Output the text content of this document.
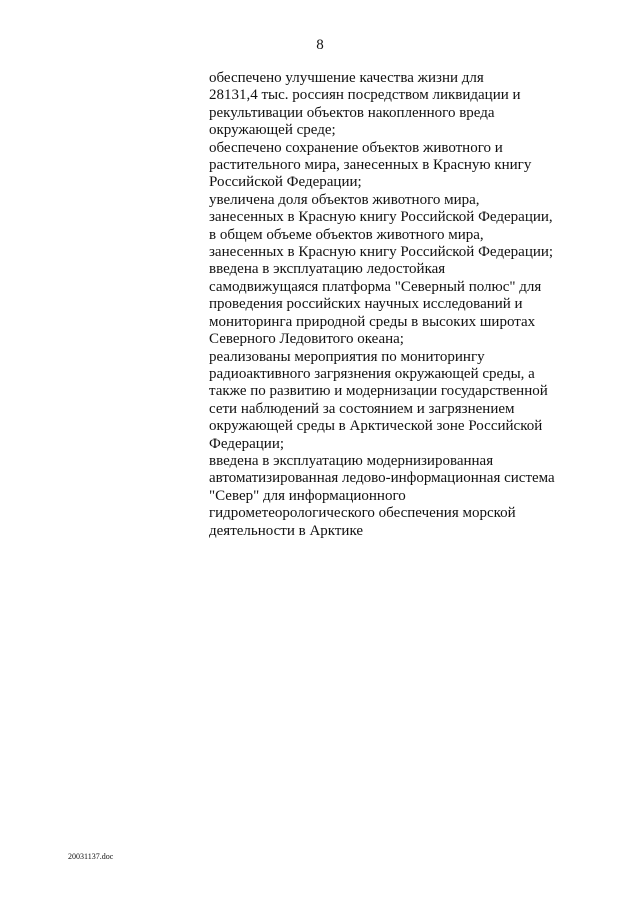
8
обеспечено улучшение качества жизни для
28131,4 тыс. россиян посредством ликвидации и
рекультивации объектов накопленного вреда
окружающей среде;
обеспечено сохранение объектов животного и
растительного мира, занесенных в Красную книгу
Российской Федерации;
увеличена доля объектов животного мира,
занесенных в Красную книгу Российской Федерации,
в общем объеме объектов животного мира,
занесенных в Красную книгу Российской Федерации;
введена в эксплуатацию ледостойкая
самодвижущаяся платформа "Северный полюс" для
проведения российских научных исследований и
мониторинга природной среды в высоких широтах
Северного Ледовитого океана;
реализованы мероприятия по мониторингу
радиоактивного загрязнения окружающей среды, а
также по развитию и модернизации государственной
сети наблюдений за состоянием и загрязнением
окружающей среды в Арктической зоне Российской
Федерации;
введена в эксплуатацию модернизированная
автоматизированная ледово-информационная система
"Север" для информационного
гидрометеорологического обеспечения морской
деятельности в Арктике
20031137.doc
